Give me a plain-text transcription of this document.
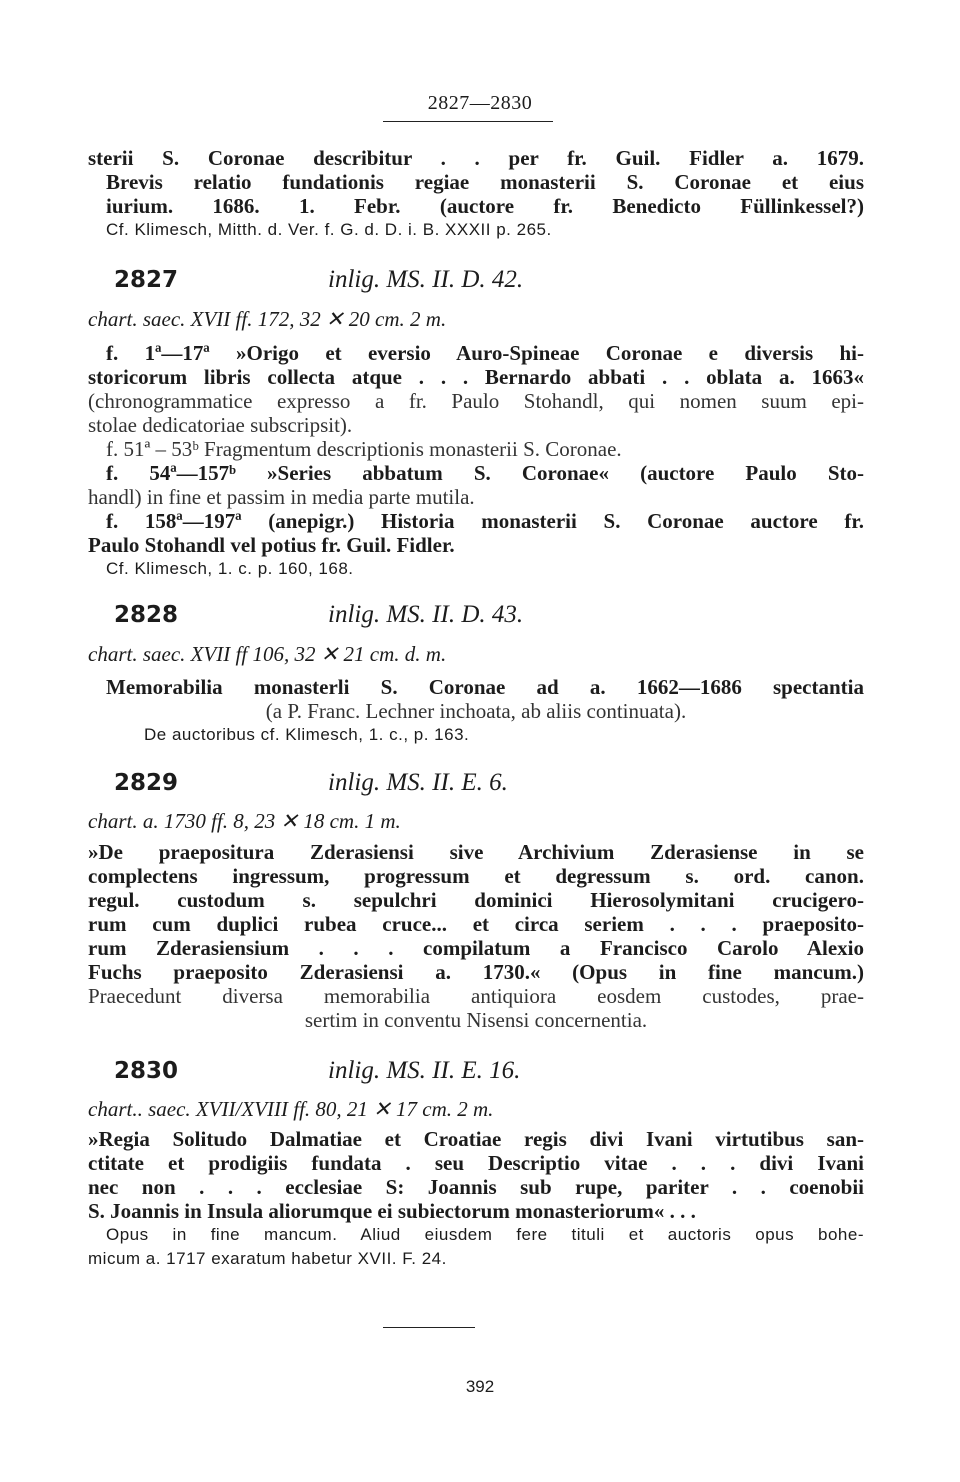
2827—2830
sterii S. Coronae describitur . . per fr. Guil. Fidler a. 1679.
Brevis relatio fundationis regiae monasterii S. Coronae et eius
iurium. 1686. 1. Febr. (auctore fr. Benedicto Füllinkessel?)
Cf. Klimesch, Mitth. d. Ver. f. G. d. D. i. B. XXXII p. 265.
2827	inlig. MS. II. D. 42.
chart. saec. XVII ff. 172, 32 ✕ 20 cm. 2 m.
f. 1ª—17ª »Origo et eversio Auro-Spineae Coronae e diversis hi-
storicorum libris collecta atque . . . Bernardo abbati . . oblata a. 1663«
(chronogrammatice expresso a fr. Paulo Stohandl, qui nomen suum epi-
stolae dedicatoriae subscripsit).
f. 51ª – 53ᵇ Fragmentum descriptionis monasterii S. Coronae.
f. 54ª—157ᵇ »Series abbatum S. Coronae« (auctore Paulo Sto-
handl) in fine et passim in media parte mutila.
f. 158ª—197ª (anepigr.) Historia monasterii S. Coronae auctore fr.
Paulo Stohandl vel potius fr. Guil. Fidler.
Cf. Klimesch, 1. c. p. 160, 168.
2828	inlig. MS. II. D. 43.
chart. saec. XVII ff 106, 32 ✕ 21 cm. d. m.
Memorabilia monasterli S. Coronae ad a. 1662—1686 spectantia
(a P. Franc. Lechner inchoata, ab aliis continuata).
De auctoribus cf. Klimesch, 1. c., p. 163.
2829	inlig. MS. II. E. 6.
chart. a. 1730 ff. 8, 23 ✕ 18 cm. 1 m.
»De praepositura Zderasiensi sive Archivium Zderasiense in se
complectens ingressum, progressum et degressum s. ord. canon.
regul. custodum s. sepulchri dominici Hierosolymitani crucigero-
rum cum duplici rubea cruce... et circa seriem . . . praeposito-
rum Zderasiensium . . . compilatum a Francisco Carolo Alexio
Fuchs praeposito Zderasiensi a. 1730.« (Opus in fine mancum.)
Praecedunt diversa memorabilia antiquiora eosdem custodes, prae-
sertim in conventu Nisensi concernentia.
2830	inlig. MS. II. E. 16.
chart.. saec. XVII/XVIII ff. 80, 21 ✕ 17 cm. 2 m.
»Regia Solitudo Dalmatiae et Croatiae regis divi Ivani virtutibus san-
ctitate et prodigiis fundata . seu Descriptio vitae . . . divi Ivani
nec non . . . ecclesiae S: Joannis sub rupe, pariter . . coenobii
S. Joannis in Insula aliorumque ei subiectorum monasteriorum« . . .
Opus in fine mancum. Aliud eiusdem fere tituli et auctoris opus bohe-
micum a. 1717 exaratum habetur XVII. F. 24.
392
